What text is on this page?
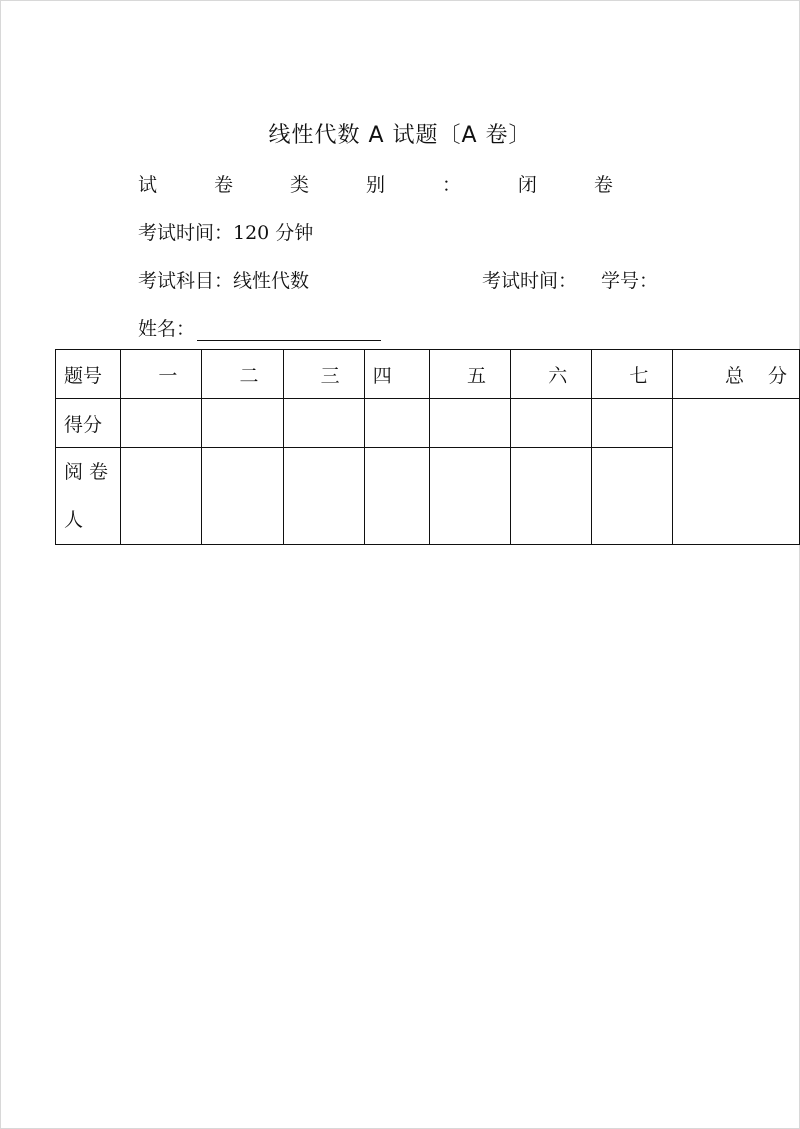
线性代数 A 试题〔A 卷〕
试	卷	类	别	：	闭	卷
考试时间：120 分钟
考试科目：线性代数	考试时间： 学号：
姓名：
题号	一	二	三	四	五	六	七	总 分
得分								

阅 卷
人								
